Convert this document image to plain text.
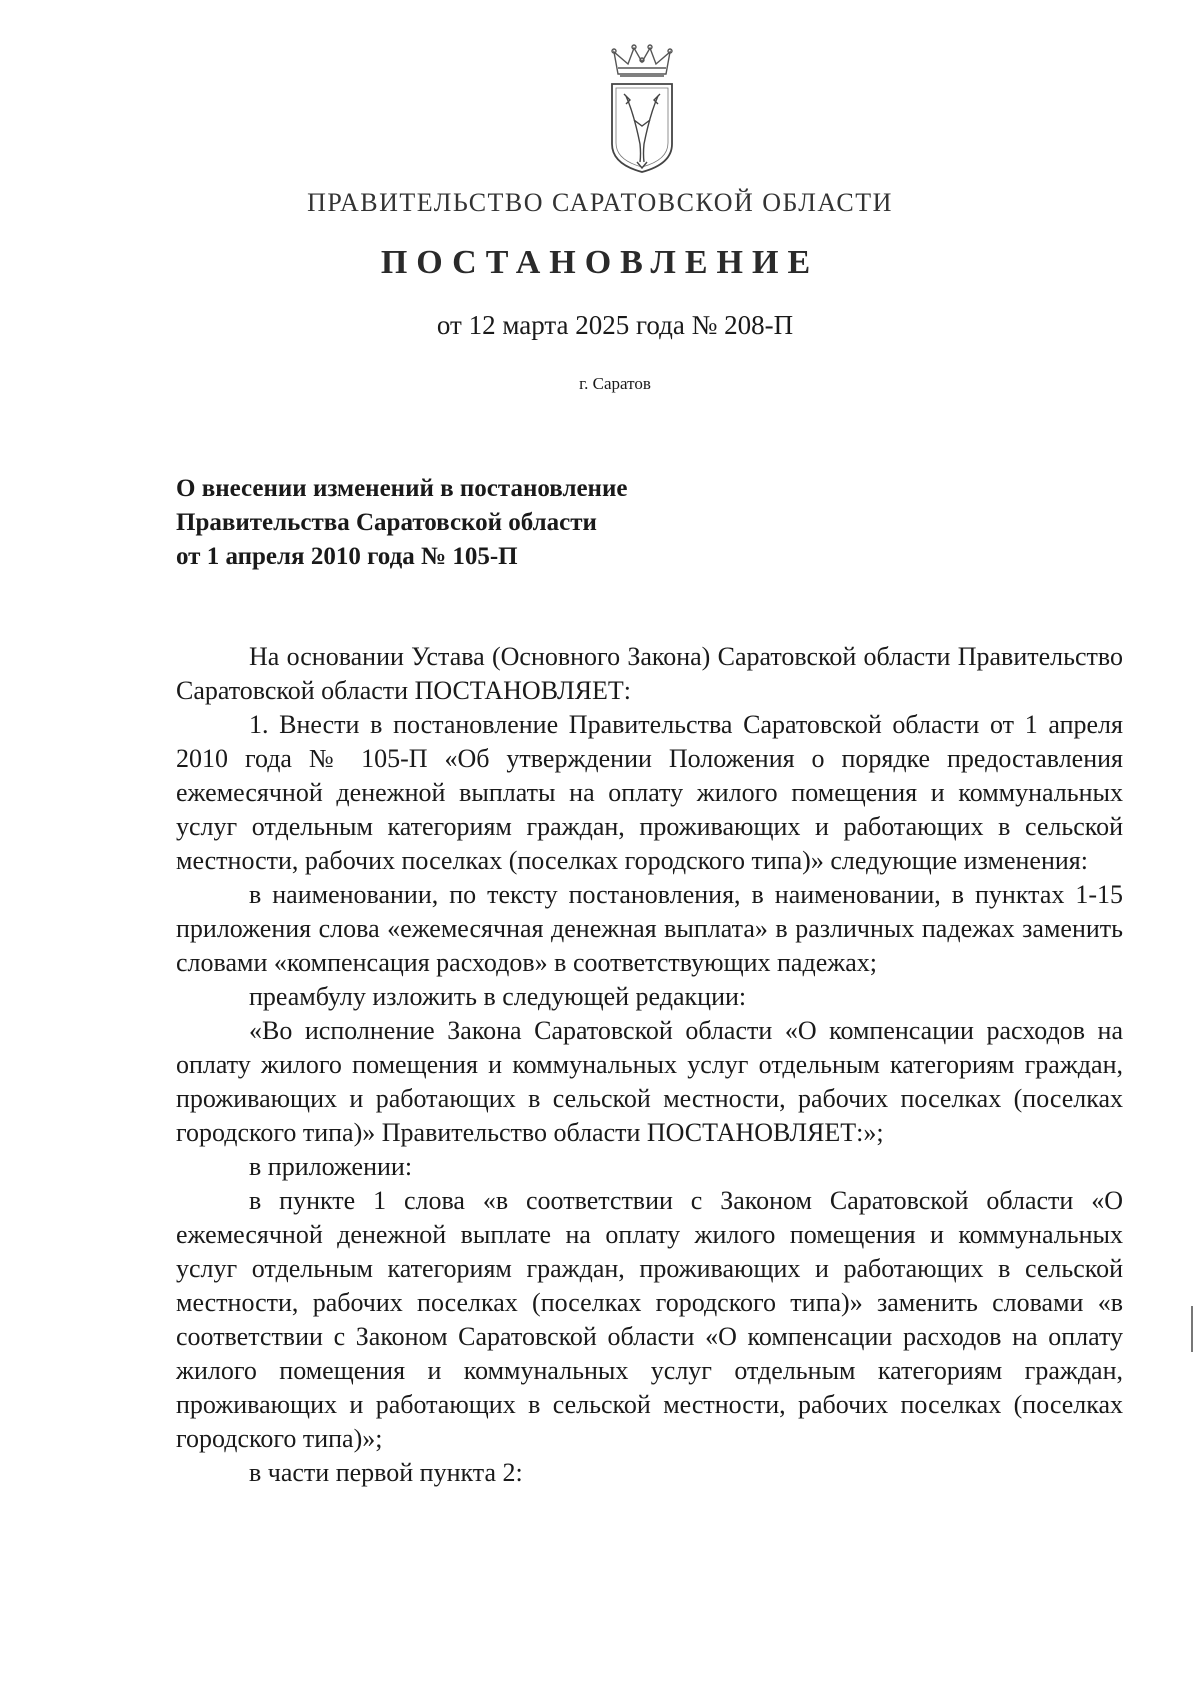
ПРАВИТЕЛЬСТВО САРАТОВСКОЙ ОБЛАСТИ
ПОСТАНОВЛЕНИЕ
от 12 марта 2025 года № 208-П
г. Саратов
О внесении изменений в постановление
Правительства Саратовской области
от 1 апреля 2010 года № 105-П

На основании Устава (Основного Закона) Саратовской области Правительство Саратовской области ПОСТАНОВЛЯЕТ:

1. Внести в постановление Правительства Саратовской области от 1 апреля 2010 года № 105-П «Об утверждении Положения о порядке предоставления ежемесячной денежной выплаты на оплату жилого помещения и коммунальных услуг отдельным категориям граждан, проживающих и работающих в сельской местности, рабочих поселках (поселках городского типа)» следующие изменения:

в наименовании, по тексту постановления, в наименовании, в пунктах 1-15 приложения слова «ежемесячная денежная выплата» в различных падежах заменить словами «компенсация расходов» в соответствующих падежах;

преамбулу изложить в следующей редакции:

«Во исполнение Закона Саратовской области «О компенсации расходов на оплату жилого помещения и коммунальных услуг отдельным категориям граждан, проживающих и работающих в сельской местности, рабочих поселках (поселках городского типа)» Правительство области ПОСТАНОВЛЯЕТ:»;

в приложении:

в пункте 1 слова «в соответствии с Законом Саратовской области «О ежемесячной денежной выплате на оплату жилого помещения и коммунальных услуг отдельным категориям граждан, проживающих и работающих в сельской местности, рабочих поселках (поселках городского типа)» заменить словами «в соответствии с Законом Саратовской области «О компенсации расходов на оплату жилого помещения и коммунальных услуг отдельным категориям граждан, проживающих и работающих в сельской местности, рабочих поселках (поселках городского типа)»;

в части первой пункта 2:
